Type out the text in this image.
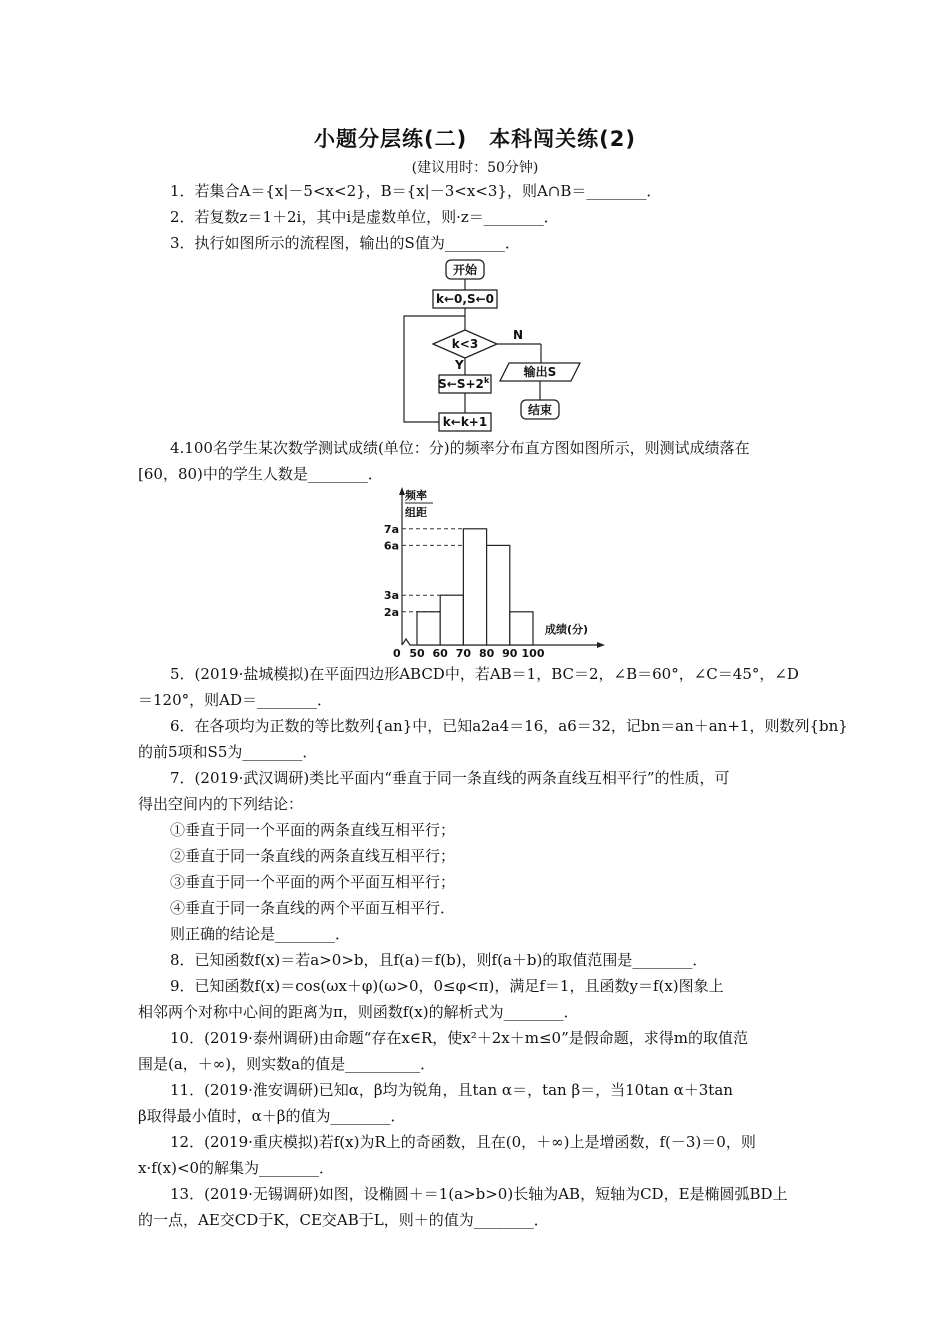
小题分层练(二)　本科闯关练(2)
(建议用时：50分钟)
1．若集合A＝{x|－5<x<2}，B＝{x|－3<x<3}，则A∩B＝________．
2．若复数z＝1＋2i，其中i是虚数单位，则·z＝________．
3．执行如图所示的流程图，输出的S值为________．
开始
k←0,S←0
k<3
N
输出S
结束
Y
S←S+2 k
k←k+1
4.100名学生某次数学测试成绩(单位：分)的频率分布直方图如图所示，则测试成绩落在
[60，80)中的学生人数是________．
频率
组距
0
2a
3a
6a
7a
50 60 70 80 90 100
成绩(分)
5．(2019·盐城模拟)在平面四边形ABCD中，若AB＝1，BC＝2，∠B＝60°，∠C＝45°，∠D
＝120°，则AD＝________．
6．在各项均为正数的等比数列{an}中，已知a2a4＝16，a6＝32，记bn＝an＋an+1，则数列{bn}
的前5项和S5为________．
7．(2019·武汉调研)类比平面内“垂直于同一条直线的两条直线互相平行”的性质，可
得出空间内的下列结论：
①垂直于同一个平面的两条直线互相平行；
②垂直于同一条直线的两条直线互相平行；
③垂直于同一个平面的两个平面互相平行；
④垂直于同一条直线的两个平面互相平行．
则正确的结论是________．
8．已知函数f(x)＝若a>0>b，且f(a)＝f(b)，则f(a＋b)的取值范围是________．
9．已知函数f(x)＝cos(ωx＋φ)(ω>0，0≤φ<π)，满足f＝1，且函数y＝f(x)图象上
相邻两个对称中心间的距离为π，则函数f(x)的解析式为________．
10．(2019·泰州调研)由命题“存在x∈R，使x²＋2x＋m≤0”是假命题，求得m的取值范
围是(a，＋∞)，则实数a的值是__________．
11．(2019·淮安调研)已知α，β均为锐角，且tan α＝，tan β＝，当10tan α＋3tan
β取得最小值时，α＋β的值为________．
12．(2019·重庆模拟)若f(x)为R上的奇函数，且在(0，＋∞)上是增函数，f(－3)＝0，则
x·f(x)<0的解集为________．
13．(2019·无锡调研)如图，设椭圆＋＝1(a>b>0)长轴为AB，短轴为CD，E是椭圆弧BD上
的一点，AE交CD于K，CE交AB于L，则＋的值为________．
